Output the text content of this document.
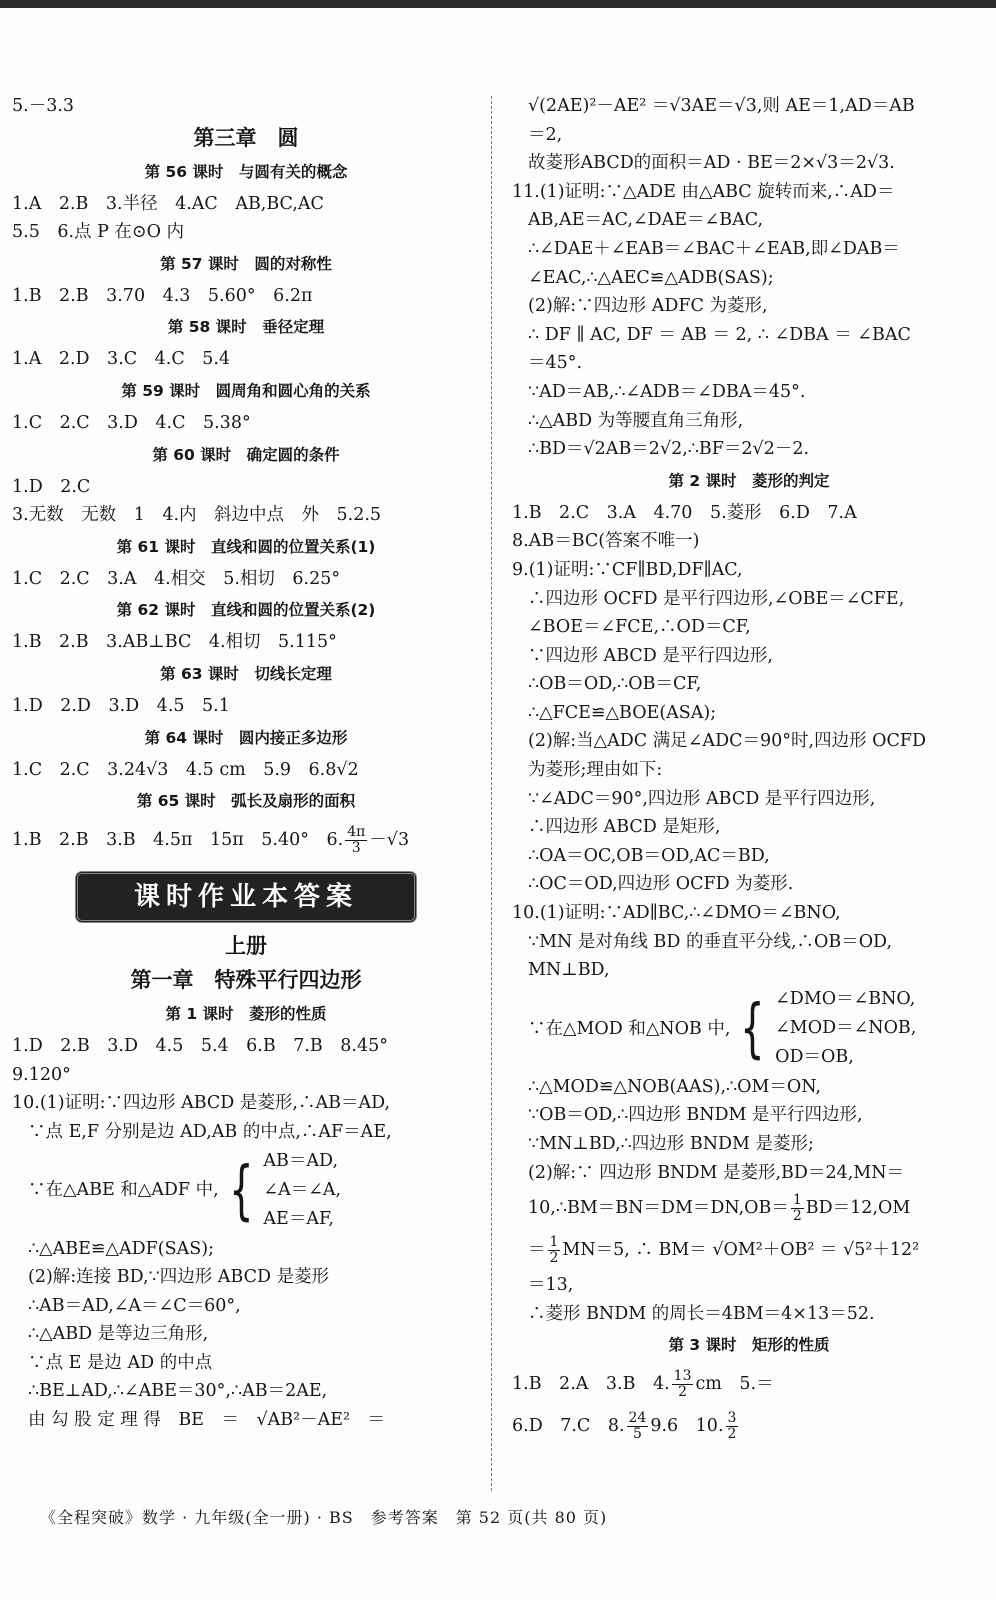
5.－3.3
第三章　圆
第 56 课时　与圆有关的概念
1.A　2.B　3.半径　4.AC　AB,BC,AC
5.5　6.点 P 在⊙O 内
第 57 课时　圆的对称性
1.B　2.B　3.70　4.3　5.60°　6.2π
第 58 课时　垂径定理
1.A　2.D　3.C　4.C　5.4
第 59 课时　圆周角和圆心角的关系
1.C　2.C　3.D　4.C　5.38°
第 60 课时　确定圆的条件
1.D　2.C
3.无数　无数　1　4.内　斜边中点　外　5.2.5
第 61 课时　直线和圆的位置关系(1)
1.C　2.C　3.A　4.相交　5.相切　6.25°
第 62 课时　直线和圆的位置关系(2)
1.B　2.B　3.AB⊥BC　4.相切　5.115°
第 63 课时　切线长定理
1.D　2.D　3.D　4.5　5.1
第 64 课时　圆内接正多边形
1.C　2.C　3.24√3　4.5 cm　5.9　6.8√2
第 65 课时　弧长及扇形的面积
1.B　2.B　3.B　4.5π　15π　5.40°　6. $\frac{4\pi}{3} -√3$
课时作业本答案
上册
第一章　特殊平行四边形
第 1 课时　菱形的性质
1.D　2.B　3.D　4.5　5.4　6.B　7.B　8.45°
9.120°
10.(1)证明:∵四边形 ABCD 是菱形,∴AB＝AD,
∵点 E,F 分别是边 AD,AB 的中点,∴AF＝AE,
∵在△ABE 和△ADF 中, { AB＝AD,
∠A＝∠A,
AE＝AF,
∴△ABE≌△ADF(SAS);
(2)解:连接 BD,∵四边形 ABCD 是菱形
∴AB＝AD,∠A＝∠C＝60°,
∴△ABD 是等边三角形,
∵点 E 是边 AD 的中点
∴BE⊥AD,∴∠ABE＝30°,∴AB＝2AE,
由 勾 股 定 理 得　BE　＝　√AB²－AE²　＝
√(2AE)²－AE² ＝√3AE＝√3,则 AE＝1,AD＝AB
＝2,
故菱形ABCD的面积＝AD · BE＝2×√3＝2√3.
11.(1)证明:∵△ADE 由△ABC 旋转而来,∴AD＝
AB,AE＝AC,∠DAE＝∠BAC,
∴∠DAE＋∠EAB＝∠BAC＋∠EAB,即∠DAB＝
∠EAC,∴△AEC≌△ADB(SAS);
(2)解:∵四边形 ADFC 为菱形,
∴ DF ∥ AC, DF ＝ AB ＝ 2, ∴ ∠DBA ＝ ∠BAC
＝45°.
∵AD＝AB,∴∠ADB＝∠DBA＝45°.
∴△ABD 为等腰直角三角形,
∴BD＝√2AB＝2√2,∴BF＝2√2－2.
第 2 课时　菱形的判定
1.B　2.C　3.A　4.70　5.菱形　6.D　7.A
8.AB＝BC(答案不唯一)
9.(1)证明:∵CF∥BD,DF∥AC,
∴四边形 OCFD 是平行四边形,∠OBE＝∠CFE,
∠BOE＝∠FCE,∴OD＝CF,
∵四边形 ABCD 是平行四边形,
∴OB＝OD,∴OB＝CF,
∴△FCE≌△BOE(ASA);
(2)解:当△ADC 满足∠ADC＝90°时,四边形 OCFD
为菱形;理由如下:
∵∠ADC＝90°,四边形 ABCD 是平行四边形,
∴四边形 ABCD 是矩形,
∴OA＝OC,OB＝OD,AC＝BD,
∴OC＝OD,四边形 OCFD 为菱形.
10.(1)证明:∵AD∥BC,∴∠DMO＝∠BNO,
∵MN 是对角线 BD 的垂直平分线,∴OB＝OD,
MN⊥BD,
∵在△MOD 和△NOB 中, { ∠DMO＝∠BNO,
∠MOD＝∠NOB,
OD＝OB,
∴△MOD≌△NOB(AAS),∴OM＝ON,
∵OB＝OD,∴四边形 BNDM 是平行四边形,
∵MN⊥BD,∴四边形 BNDM 是菱形;
(2)解:∵ 四边形 BNDM 是菱形,BD＝24,MN＝
10,∴BM＝BN＝DM＝DN,OB＝ $\frac{1}{2} BD=12,OM$
＝ $\frac{1}{2} MN=5$, ∴ BM＝ √OM²＋OB² ＝ √5²＋12²
＝13,
∴菱形 BNDM 的周长＝4BM＝4×13＝52.
第 3 课时　矩形的性质
1.B　2.A　3.B　4. $\frac{13}{2}$ cm　5.＝
6.D　7.C　8. $\frac{24}{5} 9.6$　10. $\frac{3}{2}$
《全程突破》数学 · 九年级(全一册) · BS　参考答案　第 52 页(共 80 页)
